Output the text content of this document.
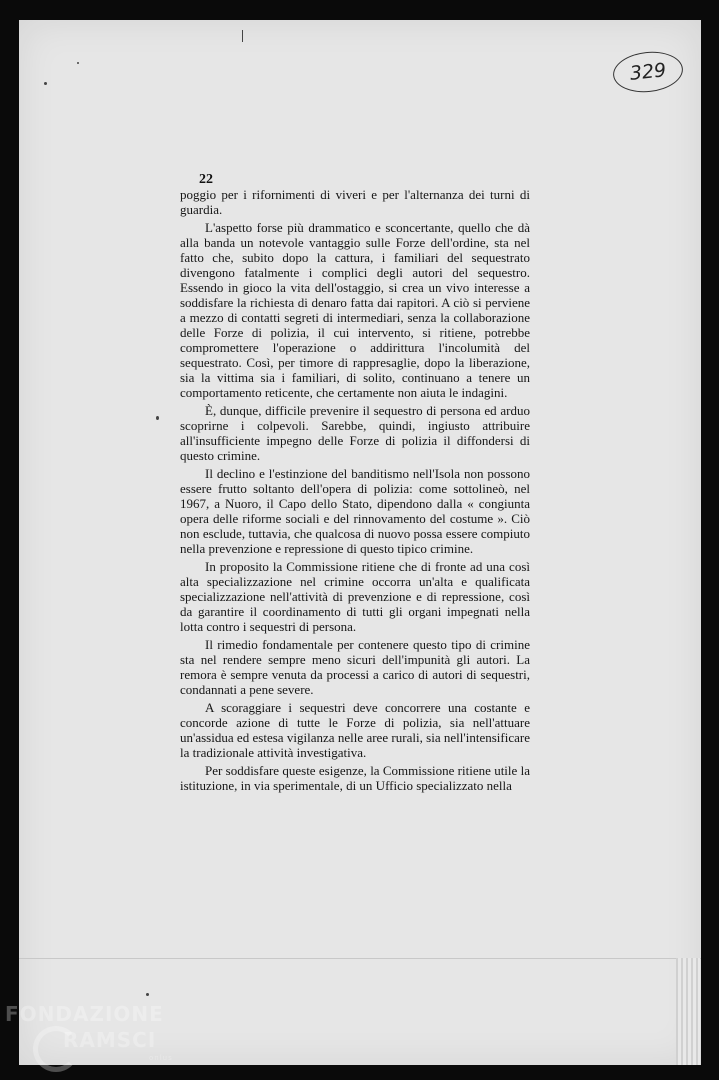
329
22

poggio per i rifornimenti di viveri e per l'alternanza dei turni di guardia.

L'aspetto forse più drammatico e sconcertante, quello che dà alla banda un notevole vantaggio sulle Forze dell'ordine, sta nel fatto che, subito dopo la cattura, i familiari del sequestrato divengono fatalmente i complici degli autori del sequestro. Essendo in gioco la vita dell'ostaggio, si crea un vivo interesse a soddisfare la richiesta di denaro fatta dai rapitori. A ciò si perviene a mezzo di contatti segreti di intermediari, senza la collaborazione delle Forze di polizia, il cui intervento, si ritiene, potrebbe compromettere l'operazione o addirittura l'incolumità del sequestrato. Così, per timore di rappresaglie, dopo la liberazione, sia la vittima sia i familiari, di solito, continuano a tenere un comportamento reticente, che certamente non aiuta le indagini.

È, dunque, difficile prevenire il sequestro di persona ed arduo scoprirne i colpevoli. Sarebbe, quindi, ingiusto attribuire all'insufficiente impegno delle Forze di polizia il diffondersi di questo crimine.

Il declino e l'estinzione del banditismo nell'Isola non possono essere frutto soltanto dell'opera di polizia: come sottolineò, nel 1967, a Nuoro, il Capo dello Stato, dipendono dalla « congiunta opera delle riforme sociali e del rinnovamento del costume ». Ciò non esclude, tuttavia, che qualcosa di nuovo possa essere compiuto nella prevenzione e repressione di questo tipico crimine.

In proposito la Commissione ritiene che di fronte ad una così alta specializzazione nel crimine occorra un'alta e qualificata specializzazione nell'attività di prevenzione e di repressione, così da garantire il coordinamento di tutti gli organi impegnati nella lotta contro i sequestri di persona.

Il rimedio fondamentale per contenere questo tipo di crimine sta nel rendere sempre meno sicuri dell'impunità gli autori. La remora è sempre venuta da processi a carico di autori di sequestri, condannati a pene severe.

A scoraggiare i sequestri deve concorrere una costante e concorde azione di tutte le Forze di polizia, sia nell'attuare un'assidua ed estesa vigilanza nelle aree rurali, sia nell'intensificare la tradizionale attività investigativa.

Per soddisfare queste esigenze, la Commissione ritiene utile la istituzione, in via sperimentale, di un Ufficio specializzato nella

FONDAZIONE
RAMSCI
onlus
